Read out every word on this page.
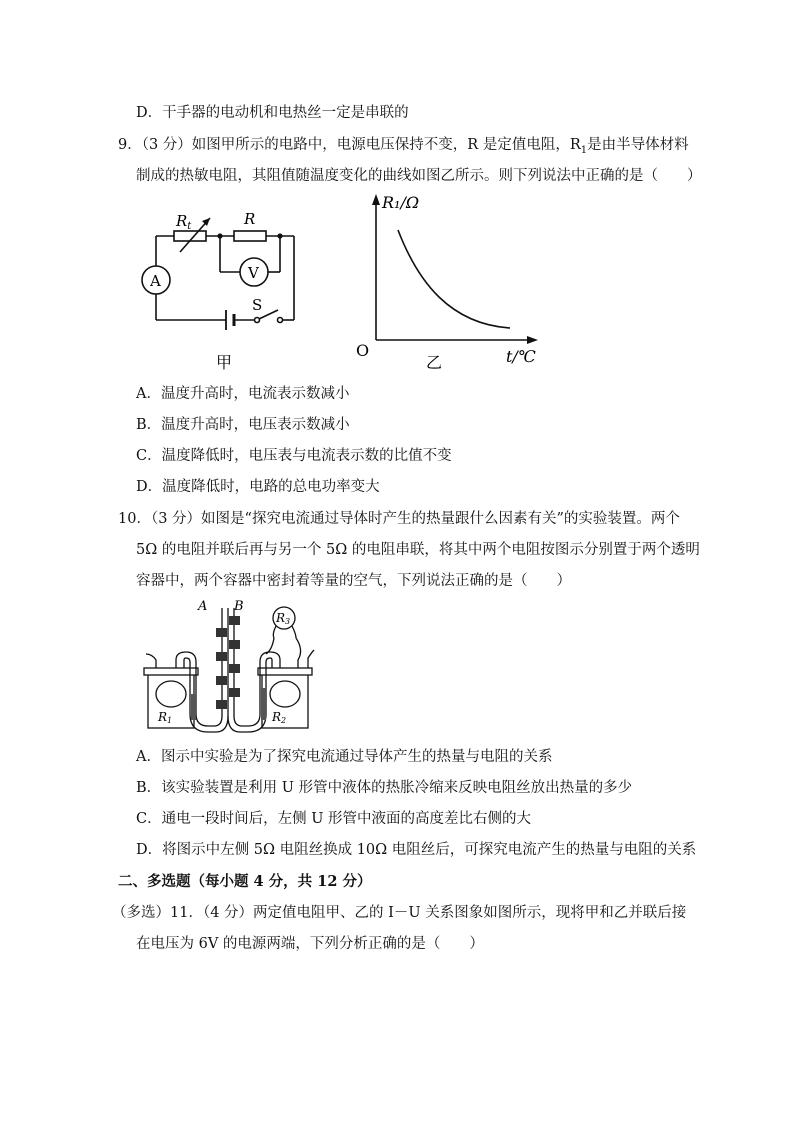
D．干手器的电动机和电热丝一定是串联的
9．（3 分）如图甲所示的电路中，电源电压保持不变，R 是定值电阻，$R_1$是由半导体材料
制成的热敏电阻，其阻值随温度变化的曲线如图乙所示。则下列说法中正确的是（　　）
$R_t$	R
A	V
S
甲
R₁/Ω
O	t/℃
乙
A．温度升高时，电流表示数减小
B．温度升高时，电压表示数减小
C．温度降低时，电压表与电流表示数的比值不变
D．温度降低时，电路的总电功率变大
10．（3 分）如图是“探究电流通过导体时产生的热量跟什么因素有关”的实验装置。两个
5Ω 的电阻并联后再与另一个 5Ω 的电阻串联，将其中两个电阻按图示分别置于两个透明
容器中，两个容器中密封着等量的空气，下列说法正确的是（　　）
A B
R3
R1	R2
A．图示中实验是为了探究电流通过导体产生的热量与电阻的关系
B．该实验装置是利用 U 形管中液体的热胀冷缩来反映电阻丝放出热量的多少
C．通电一段时间后，左侧 U 形管中液面的高度差比右侧的大
D．将图示中左侧 5Ω 电阻丝换成 10Ω 电阻丝后，可探究电流产生的热量与电阻的关系
二、多选题（每小题 4 分，共 12 分）
（多选）11．（4 分）两定值电阻甲、乙的 I－U 关系图象如图所示，现将甲和乙并联后接
在电压为 6V 的电源两端，下列分析正确的是（　　）
